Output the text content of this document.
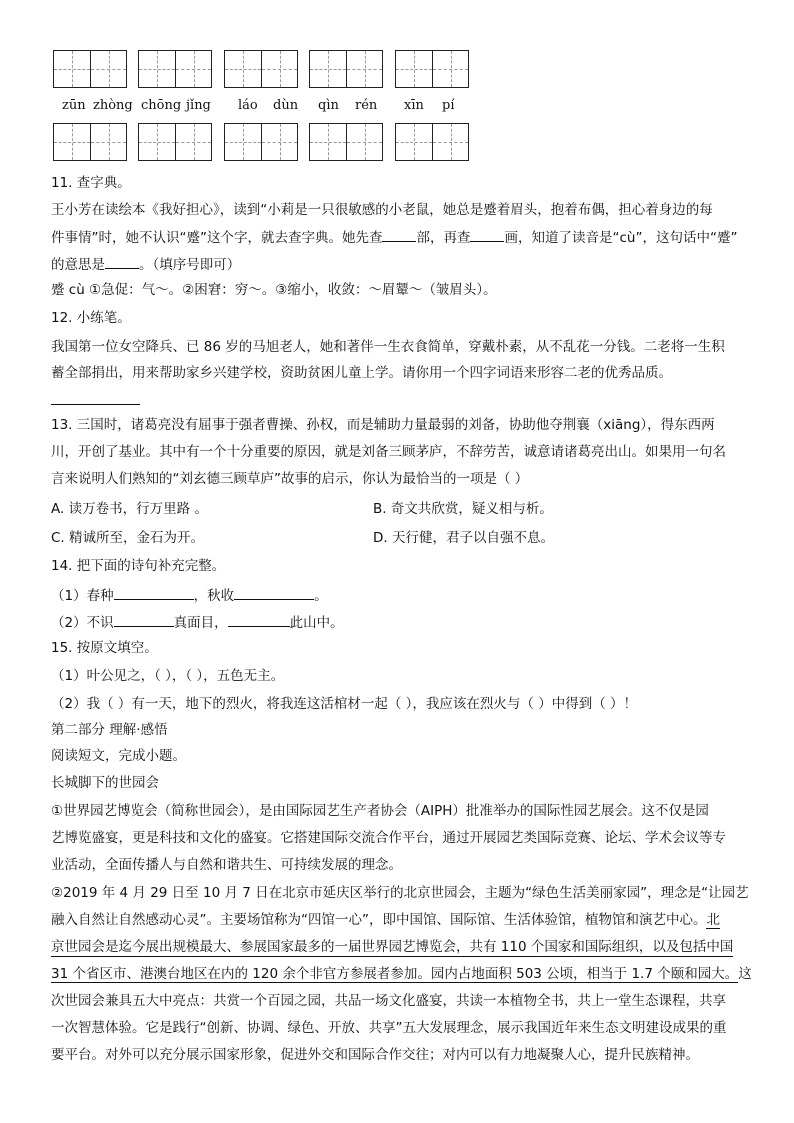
zūn zhòng chōng jǐng láo dùn qìn rén xīn pí
11. 查字典。
王小芳在读绘本《我好担心》，读到“小莉是一只很敏感的小老鼠，她总是蹙着眉头，抱着布偶，担心着身边的每
件事情”时，她不认识“蹙”这个字，就去查字典。她先查	部，再查	画，知道了读音是“cù”，这句话中“蹙”
的意思是	。（填序号即可）
蹙 cù ①急促：气～。②困窘：穷～。③缩小，收敛：～眉颦～（皱眉头）。
12. 小练笔。
我国第一位女空降兵、已 86 岁的马旭老人，她和著伴一生衣食简单，穿戴朴素，从不乱花一分钱。二老将一生积
蓄全部捐出，用来帮助家乡兴建学校，资助贫困儿童上学。请你用一个四字词语来形容二老的优秀品质。
13. 三国时，诸葛亮没有屈事于强者曹操、孙权，而是辅助力量最弱的刘备，协助他夺荆襄（xiāng），得东西两
川，开创了基业。其中有一个十分重要的原因，就是刘备三顾茅庐，不辞劳苦，诚意请诸葛亮出山。如果用一句名
言来说明人们熟知的“刘玄德三顾草庐”故事的启示，你认为最恰当的一项是（ ）
A. 读万卷书，行万里路 。	B. 奇文共欣赏，疑义相与析。
C. 精诚所至，金石为开。	D. 天行健，君子以自强不息。
14. 把下面的诗句补充完整。
（1）春种	，秋收	。
（2）不识	真面目，	此山中。
15. 按原文填空。
（1）叶公见之，（ ），（ ），五色无主。
（2）我（ ）有一天，地下的烈火，将我连这活棺材一起（ ），我应该在烈火与（ ）中得到（ ）！
第二部分 理解·感悟
阅读短文，完成小题。
长城脚下的世园会
①世界园艺博览会（简称世园会），是由国际园艺生产者协会（AIPH）批准举办的国际性园艺展会。这不仅是园
艺博览盛宴，更是科技和文化的盛宴。它搭建国际交流合作平台，通过开展园艺类国际竞赛、论坛、学术会议等专
业活动，全面传播人与自然和谐共生、可持续发展的理念。
②2019 年 4 月 29 日至 10 月 7 日在北京市延庆区举行的北京世园会，主题为“绿色生活美丽家园”，理念是“让园艺
融入自然让自然感动心灵”。主要场馆称为“四馆一心”，即中国馆、国际馆、生活体验馆，植物馆和演艺中心。北
京世园会是迄今展出规模最大、参展国家最多的一届世界园艺博览会，共有 110 个国家和国际组织，以及包括中国
31 个省区市、港澳台地区在内的 120 余个非官方参展者参加。园内占地面积 503 公顷，相当于 1.7 个颐和园大。这
次世园会兼具五大中亮点：共赏一个百园之园，共品一场文化盛宴，共读一本植物全书，共上一堂生态课程，共享
一次智慧体验。它是践行“创新、协调、绿色、开放、共享”五大发展理念，展示我国近年来生态文明建设成果的重
要平台。对外可以充分展示国家形象，促进外交和国际合作交往；对内可以有力地凝聚人心，提升民族精神。
